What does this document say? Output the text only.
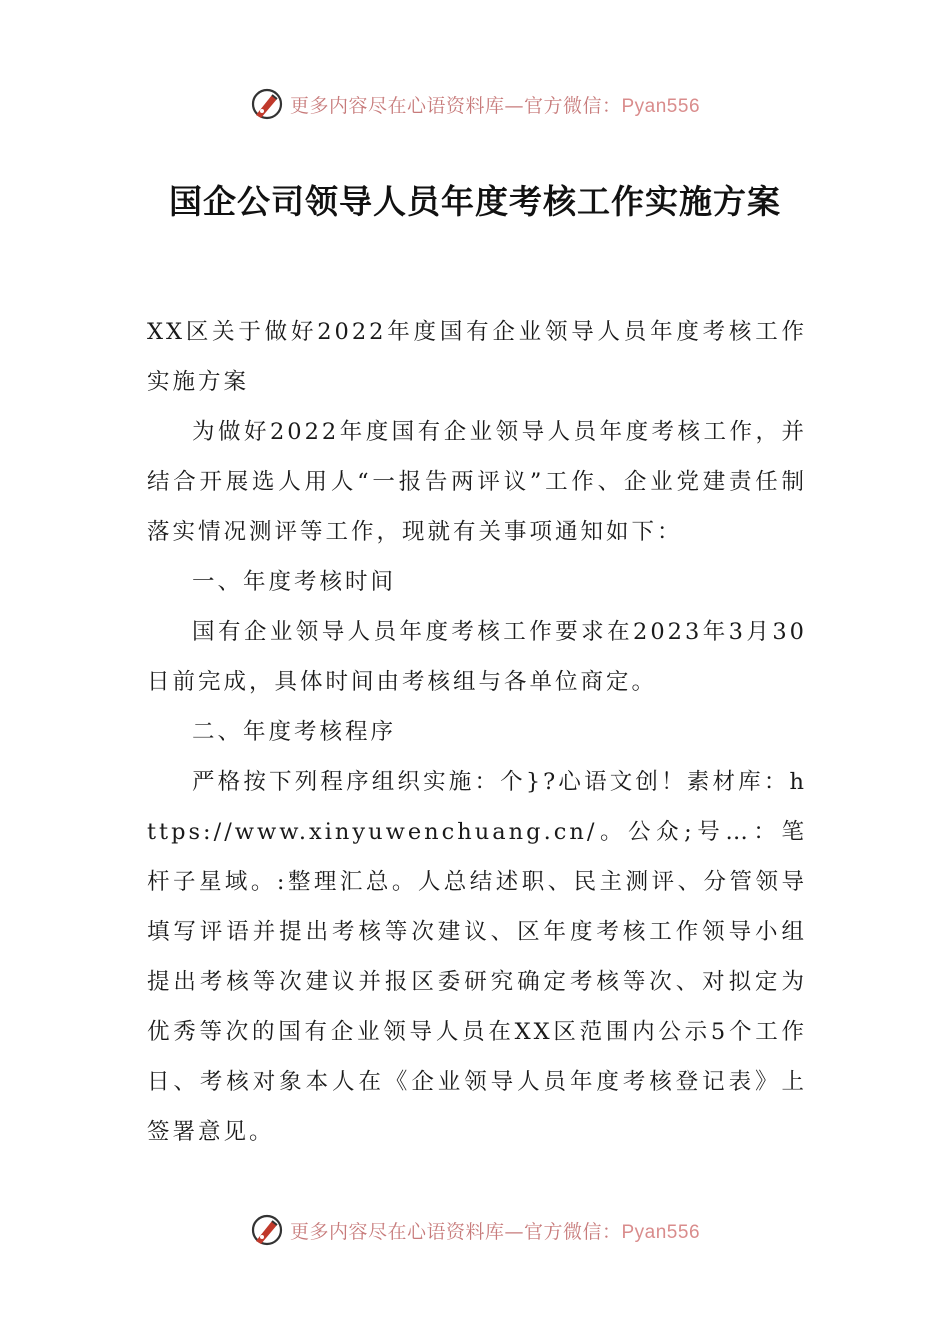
更多内容尽在心语资料库—官方微信：Pyan556
国企公司领导人员年度考核工作实施方案

XX区关于做好2022年度国有企业领导人员年度考核工作实施方案

为做好2022年度国有企业领导人员年度考核工作，并结合开展选人用人“一报告两评议”工作、企业党建责任制落实情况测评等工作，现就有关事项通知如下：

一、年度考核时间

国有企业领导人员年度考核工作要求在2023年3月30日前完成，具体时间由考核组与各单位商定。

二、年度考核程序

严格按下列程序组织实施：个}?心语文创！素材库：https://www.xinyuwenchuang.cn/。公众;号…：笔杆子星域。:整理汇总。人总结述职、民主测评、分管领导填写评语并提出考核等次建议、区年度考核工作领导小组提出考核等次建议并报区委研究确定考核等次、对拟定为优秀等次的国有企业领导人员在XX区范围内公示5个工作日、考核对象本人在《企业领导人员年度考核登记表》上签署意见。

更多内容尽在心语资料库—官方微信：Pyan556
